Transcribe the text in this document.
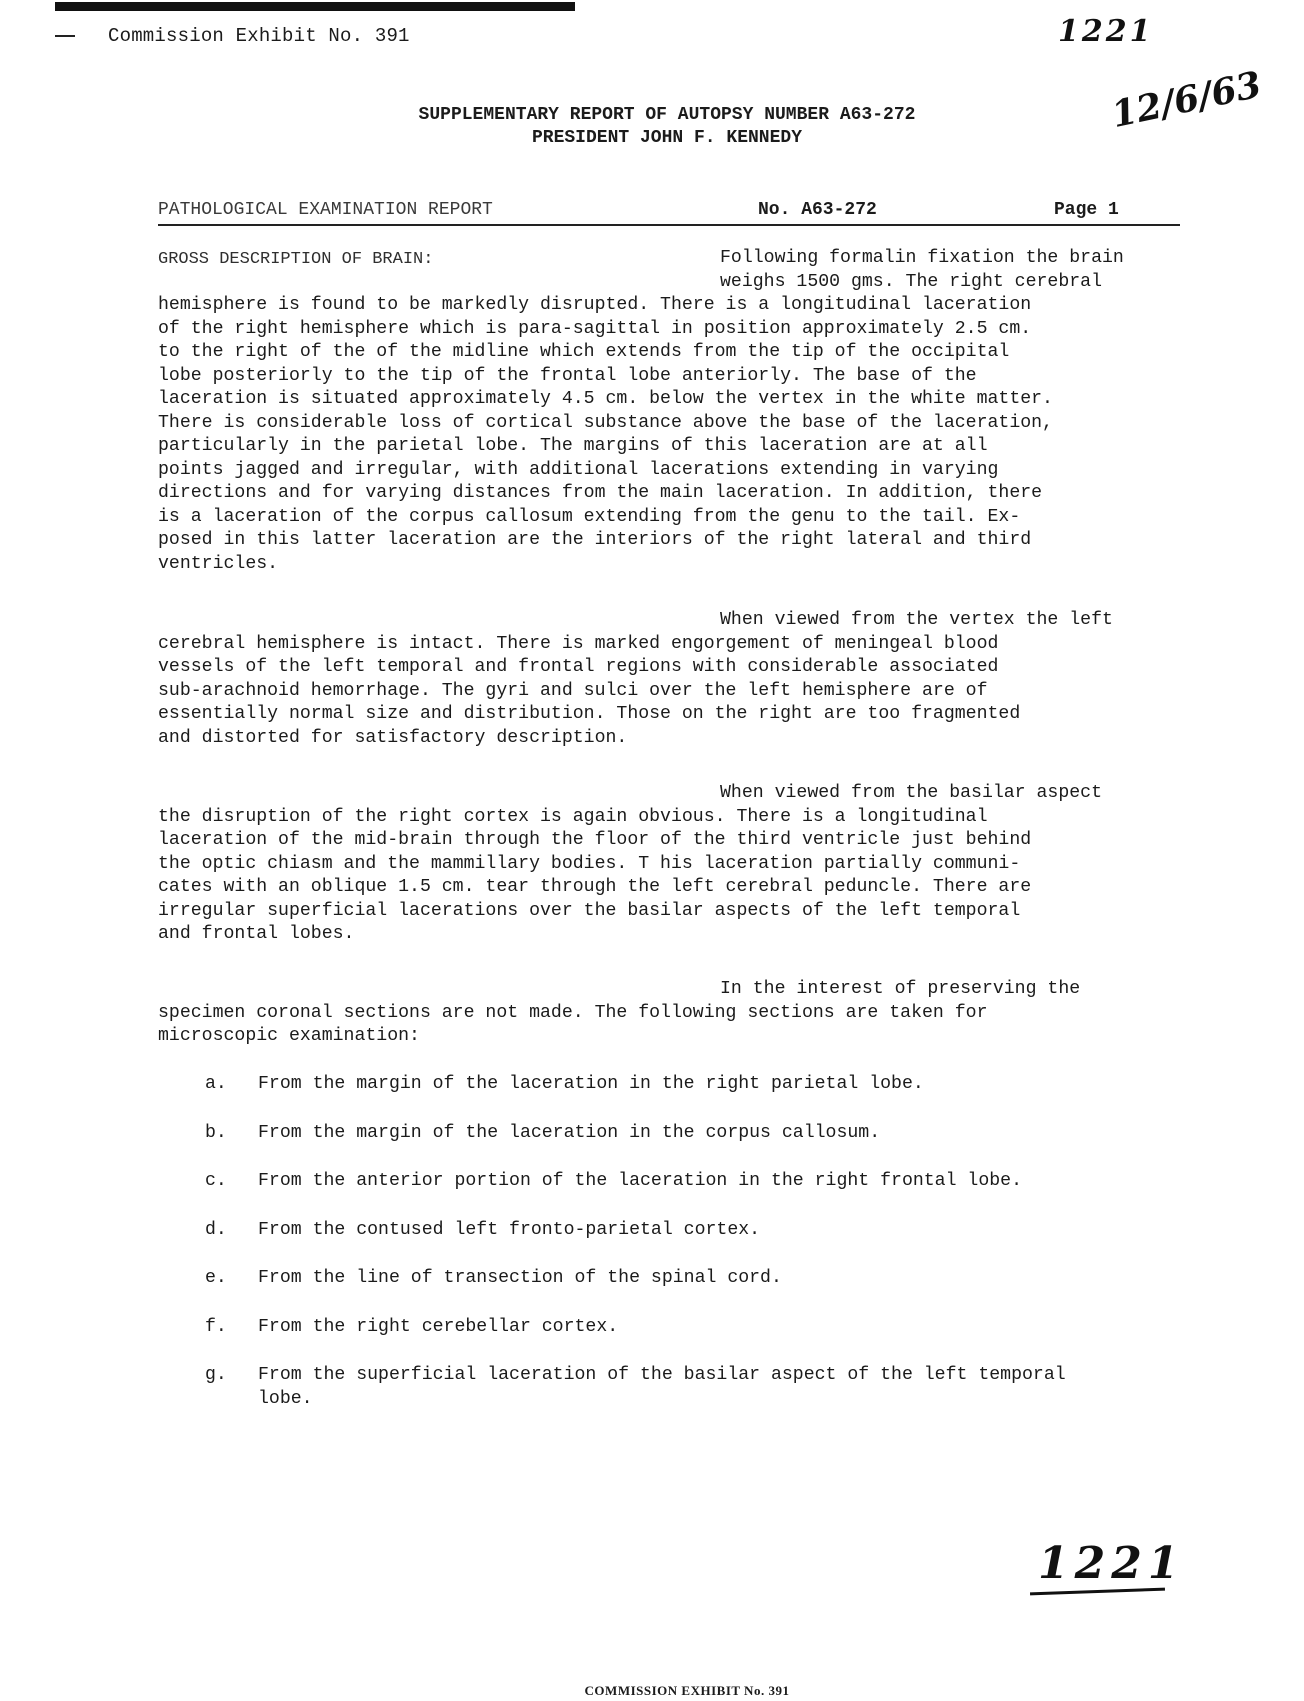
Commission Exhibit No. 391	1221
12/6/63
SUPPLEMENTARY REPORT OF AUTOPSY NUMBER A63-272
PRESIDENT JOHN F. KENNEDY
PATHOLOGICAL EXAMINATION REPORT	No. A63-272	Page 1
GROSS DESCRIPTION OF BRAIN:	Following formalin fixation the brain
weighs 1500 gms. The right cerebral
hemisphere is found to be markedly disrupted. There is a longitudinal laceration
of the right hemisphere which is para-sagittal in position approximately 2.5 cm.
to the right of the of the midline which extends from the tip of the occipital
lobe posteriorly to the tip of the frontal lobe anteriorly. The base of the
laceration is situated approximately 4.5 cm. below the vertex in the white matter.
There is considerable loss of cortical substance above the base of the laceration,
particularly in the parietal lobe. The margins of this laceration are at all
points jagged and irregular, with additional lacerations extending in varying
directions and for varying distances from the main laceration. In addition, there
is a laceration of the corpus callosum extending from the genu to the tail. Ex-
posed in this latter laceration are the interiors of the right lateral and third
ventricles.
When viewed from the vertex the left
cerebral hemisphere is intact. There is marked engorgement of meningeal blood
vessels of the left temporal and frontal regions with considerable associated
sub-arachnoid hemorrhage. The gyri and sulci over the left hemisphere are of
essentially normal size and distribution. Those on the right are too fragmented
and distorted for satisfactory description.
When viewed from the basilar aspect
the disruption of the right cortex is again obvious. There is a longitudinal
laceration of the mid-brain through the floor of the third ventricle just behind
the optic chiasm and the mammillary bodies. T his laceration partially communi-
cates with an oblique 1.5 cm. tear through the left cerebral peduncle. There are
irregular superficial lacerations over the basilar aspects of the left temporal
and frontal lobes.
In the interest of preserving the
specimen coronal sections are not made. The following sections are taken for
microscopic examination:
a. From the margin of the laceration in the right parietal lobe.
b. From the margin of the laceration in the corpus callosum.
c. From the anterior portion of the laceration in the right frontal lobe.
d. From the contused left fronto-parietal cortex.
e. From the line of transection of the spinal cord.
f. From the right cerebellar cortex.
g. From the superficial laceration of the basilar aspect of the left temporal
lobe.
1221
COMMISSION EXHIBIT No. 391
